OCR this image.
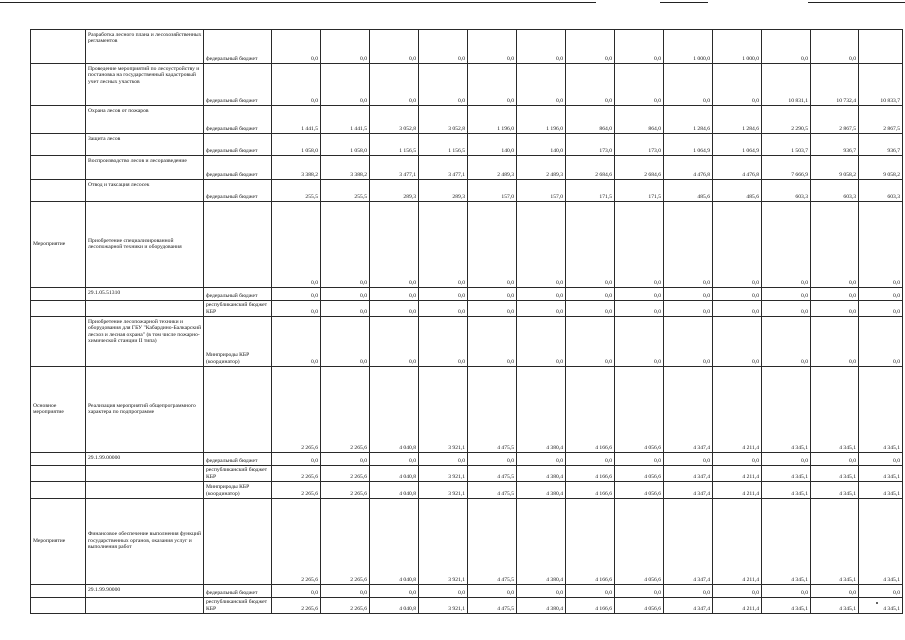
	Разработка лесного плана и лесохозяйственных регламентов	федеральный бюджет	0,0	0,0	0,0	0,0	0,0	0,0	0,0	0,0	1 000,0	1 000,0	0,0	0,0	
	Проведение мероприятий по лесоустройству и постановка на государственный кадастровый учет лесных участков	федеральный бюджет	0,0	0,0	0,0	0,0	0,0	0,0	0,0	0,0	0,0	0,0	10 831,1	10 732,4	10 833,7
	Охрана лесов от пожаров	федеральный бюджет	1 441,5	1 441,5	3 052,8	3 052,8	1 196,0	1 196,0	864,0	864,0	1 284,6	1 284,6	2 290,5	2 867,5	2 867,5
	Защита лесов	федеральный бюджет	1 058,0	1 058,0	1 156,5	1 156,5	140,0	140,0	173,0	173,0	1 064,9	1 064,9	1 503,7	936,7	936,7
	Воспроизводство лесов и лесоразведение	федеральный бюджет	3 388,2	3 388,2	3 477,1	3 477,1	2 489,3	2 489,3	2 684,6	2 684,6	4 476,8	4 476,8	7 666,9	9 058,2	9 058,2
	Отвод и таксация лесосек	федеральный бюджет	255,5	255,5	289,3	289,3	157,0	157,0	171,5	171,5	485,6	485,6	603,3	603,3	603,3
Мероприятие	Приобретение специализированной лесопожарной техники и оборудования		0,0	0,0	0,0	0,0	0,0	0,0	0,0	0,0	0,0	0,0	0,0	0,0	0,0
	29.1.05.51310	федеральный бюджет	0,0	0,0	0,0	0,0	0,0	0,0	0,0	0,0	0,0	0,0	0,0	0,0	0,0
		республиканский бюджет КБР	0,0	0,0	0,0	0,0	0,0	0,0	0,0	0,0	0,0	0,0	0,0	0,0	0,0
	Приобретение лесопожарной техники и оборудования для ГБУ "Кабардино-Балкарский лесхоз и лесная охрана" (в том числе пожарно-химической станции II типа)	Минприроды КБР (координатор)	0,0	0,0	0,0	0,0	0,0	0,0	0,0	0,0	0,0	0,0	0,0	0,0	0,0
Основное мероприятие	Реализация мероприятий общепрограммного характера по подпрограмме		2 265,6	2 265,6	4 040,8	3 921,1	4 475,5	4 380,4	4 166,6	4 056,6	4 347,4	4 211,4	4 345,1	4 345,1	4 345,1
	29.1.99.00000	федеральный бюджет	0,0	0,0	0,0	0,0	0,0	0,0	0,0	0,0	0,0	0,0	0,0	0,0	0,0
		республиканский бюджет КБР	2 265,6	2 265,6	4 040,8	3 921,1	4 475,5	4 380,4	4 166,6	4 056,6	4 347,4	4 211,4	4 345,1	4 345,1	4 345,1
		Минприроды КБР (координатор)	2 265,6	2 265,6	4 040,8	3 921,1	4 475,5	4 380,4	4 166,6	4 056,6	4 347,4	4 211,4	4 345,1	4 345,1	4 345,1
Мероприятие	Финансовое обеспечение выполнения функций государственных органов, оказания услуг и выполнения работ		2 265,6	2 265,6	4 040,8	3 921,1	4 475,5	4 380,4	4 166,6	4 056,6	4 347,4	4 211,4	4 345,1	4 345,1	4 345,1
	29.1.99.90000	федеральный бюджет	0,0	0,0	0,0	0,0	0,0	0,0	0,0	0,0	0,0	0,0	0,0	0,0	0,0
		республиканский бюджет КБР	2 265,6	2 265,6	4 040,8	3 921,1	4 475,5	4 380,4	4 166,6	4 056,6	4 347,4	4 211,4	4 345,1	4 345,1	4 345,1
